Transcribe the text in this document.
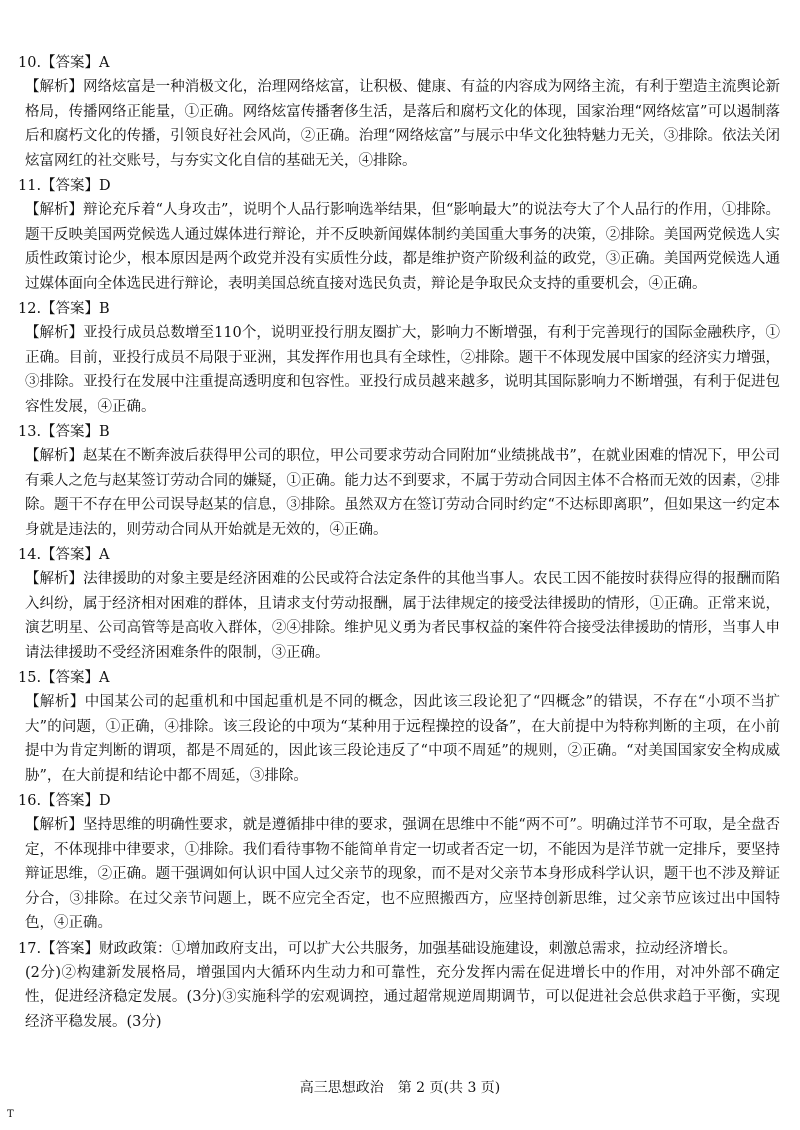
10.【答案】A
【解析】网络炫富是一种消极文化，治理网络炫富，让积极、健康、有益的内容成为网络主流，有利于塑造主流舆论新格局，传播网络正能量，①正确。网络炫富传播奢侈生活，是落后和腐朽文化的体现，国家治理“网络炫富”可以遏制落后和腐朽文化的传播，引领良好社会风尚，②正确。治理“网络炫富”与展示中华文化独特魅力无关，③排除。依法关闭炫富网红的社交账号，与夯实文化自信的基础无关，④排除。
11.【答案】D
【解析】辩论充斥着“人身攻击”，说明个人品行影响选举结果，但“影响最大”的说法夸大了个人品行的作用，①排除。题干反映美国两党候选人通过媒体进行辩论，并不反映新闻媒体制约美国重大事务的决策，②排除。美国两党候选人实质性政策讨论少，根本原因是两个政党并没有实质性分歧，都是维护资产阶级利益的政党，③正确。美国两党候选人通过媒体面向全体选民进行辩论，表明美国总统直接对选民负责，辩论是争取民众支持的重要机会，④正确。
12.【答案】B
【解析】亚投行成员总数增至110个，说明亚投行朋友圈扩大，影响力不断增强，有利于完善现行的国际金融秩序，①正确。目前，亚投行成员不局限于亚洲，其发挥作用也具有全球性，②排除。题干不体现发展中国家的经济实力增强，③排除。亚投行在发展中注重提高透明度和包容性。亚投行成员越来越多，说明其国际影响力不断增强，有利于促进包容性发展，④正确。
13.【答案】B
【解析】赵某在不断奔波后获得甲公司的职位，甲公司要求劳动合同附加“业绩挑战书”，在就业困难的情况下，甲公司有乘人之危与赵某签订劳动合同的嫌疑，①正确。能力达不到要求，不属于劳动合同因主体不合格而无效的因素，②排除。题干不存在甲公司误导赵某的信息，③排除。虽然双方在签订劳动合同时约定“不达标即离职”，但如果这一约定本身就是违法的，则劳动合同从开始就是无效的，④正确。
14.【答案】A
【解析】法律援助的对象主要是经济困难的公民或符合法定条件的其他当事人。农民工因不能按时获得应得的报酬而陷入纠纷，属于经济相对困难的群体，且请求支付劳动报酬，属于法律规定的接受法律援助的情形，①正确。正常来说，演艺明星、公司高管等是高收入群体，②④排除。维护见义勇为者民事权益的案件符合接受法律援助的情形，当事人申请法律援助不受经济困难条件的限制，③正确。
15.【答案】A
【解析】中国某公司的起重机和中国起重机是不同的概念，因此该三段论犯了“四概念”的错误，不存在“小项不当扩大”的问题，①正确，④排除。该三段论的中项为“某种用于远程操控的设备”，在大前提中为特称判断的主项，在小前提中为肯定判断的谓项，都是不周延的，因此该三段论违反了“中项不周延”的规则，②正确。“对美国国家安全构成威胁”，在大前提和结论中都不周延，③排除。
16.【答案】D
【解析】坚持思维的明确性要求，就是遵循排中律的要求，强调在思维中不能“两不可”。明确过洋节不可取，是全盘否定，不体现排中律要求，①排除。我们看待事物不能简单肯定一切或者否定一切，不能因为是洋节就一定排斥，要坚持辩证思维，②正确。题干强调如何认识中国人过父亲节的现象，而不是对父亲节本身形成科学认识，题干也不涉及辩证分合，③排除。在过父亲节问题上，既不应完全否定，也不应照搬西方，应坚持创新思维，过父亲节应该过出中国特色，④正确。
17.【答案】财政政策：①增加政府支出，可以扩大公共服务，加强基础设施建设，刺激总需求，拉动经济增长。
(2分)②构建新发展格局，增强国内大循环内生动力和可靠性，充分发挥内需在促进增长中的作用，对冲外部不确定性，促进经济稳定发展。(3分)③实施科学的宏观调控，通过超常规逆周期调节，可以促进社会总供求趋于平衡，实现经济平稳发展。(3分)
高三思想政治　第 2 页(共 3 页)
T
